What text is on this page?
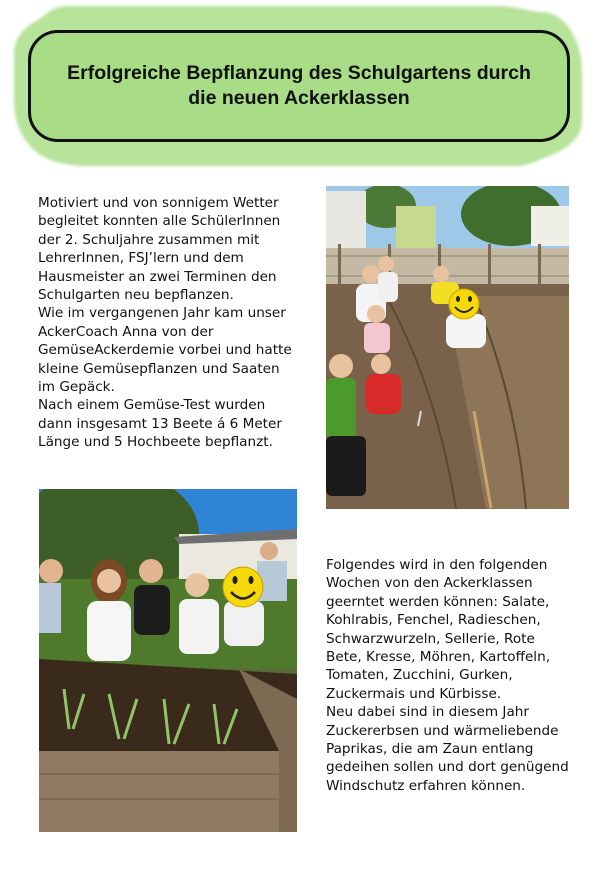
Erfolgreiche Bepflanzung des Schulgartens durch die neuen Ackerklassen

Motiviert und von sonnigem Wetter begleitet konnten alle SchülerInnen der 2. Schuljahre zusammen mit LehrerInnen, FSJ’lern und dem Hausmeister an zwei Terminen den Schulgarten neu bepflanzen.

Wie im vergangenen Jahr kam unser AckerCoach Anna von der GemüseAckerdemie vorbei und hatte kleine Gemüsepflanzen und Saaten im Gepäck.

Nach einem Gemüse-Test wurden dann insgesamt 13 Beete á 6 Meter Länge und 5 Hochbeete bepflanzt.

Folgendes wird in den folgenden Wochen von den Ackerklassen geerntet werden können: Salate, Kohlrabis, Fenchel, Radieschen, Schwarzwurzeln, Sellerie, Rote Bete, Kresse, Möhren, Kartoffeln, Tomaten, Zucchini, Gurken, Zuckermais und Kürbisse.

Neu dabei sind in diesem Jahr Zuckererbsen und wärmeliebende Paprikas, die am Zaun entlang gedeihen sollen und dort genügend Windschutz erfahren können.
